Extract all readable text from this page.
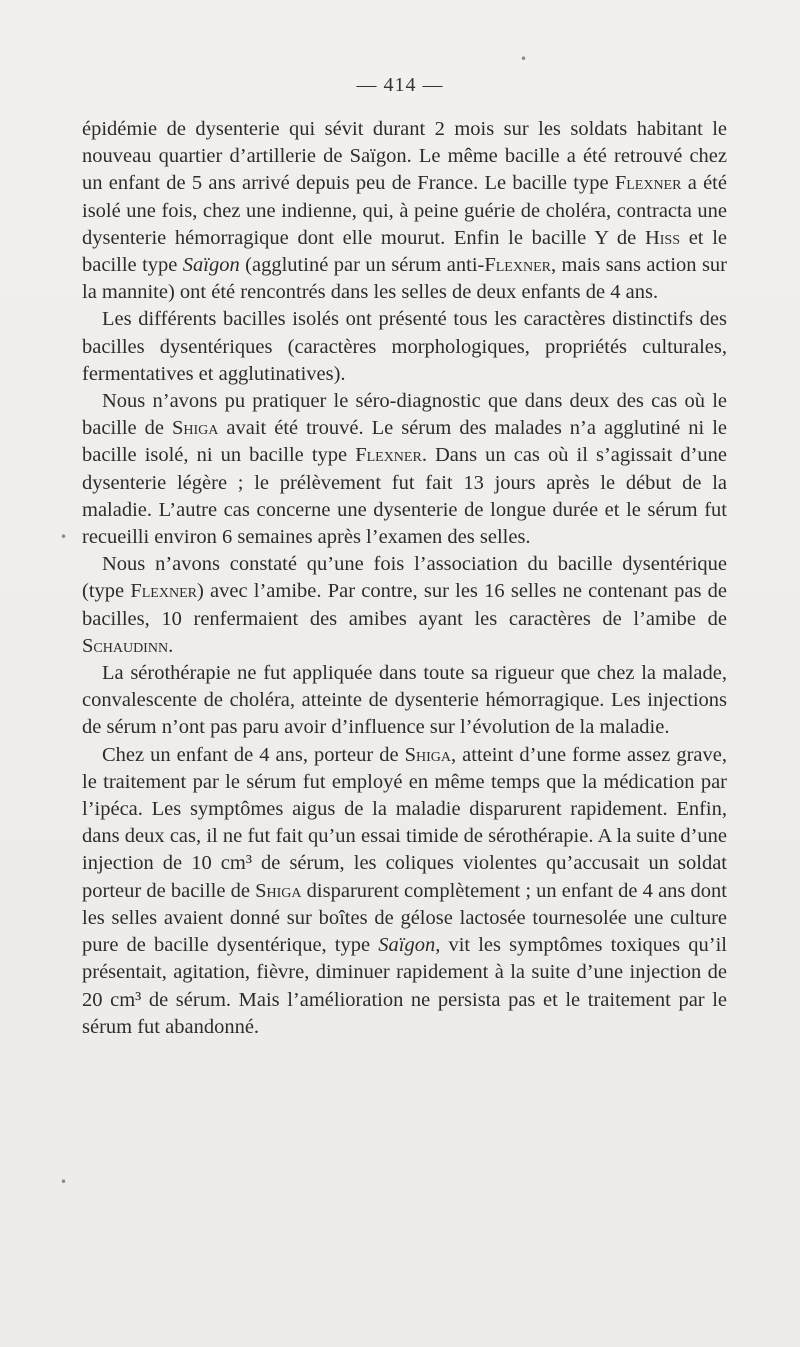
— 414 —

épidémie de dysenterie qui sévit durant 2 mois sur les soldats habitant le nouveau quartier d’artillerie de Saïgon. Le même bacille a été retrouvé chez un enfant de 5 ans arrivé depuis peu de France. Le bacille type Flexner a été isolé une fois, chez une indienne, qui, à peine guérie de choléra, contracta une dysenterie hémorragique dont elle mourut. Enfin le bacille Y de Hiss et le bacille type Saïgon (agglutiné par un sérum anti-Flexner, mais sans action sur la mannite) ont été rencontrés dans les selles de deux enfants de 4 ans.

Les différents bacilles isolés ont présenté tous les caractères distinctifs des bacilles dysentériques (caractères morphologiques, propriétés culturales, fermentatives et agglutinatives).

Nous n’avons pu pratiquer le séro-diagnostic que dans deux des cas où le bacille de Shiga avait été trouvé. Le sérum des malades n’a agglutiné ni le bacille isolé, ni un bacille type Flexner. Dans un cas où il s’agissait d’une dysenterie légère ; le prélèvement fut fait 13 jours après le début de la maladie. L’autre cas concerne une dysenterie de longue durée et le sérum fut recueilli environ 6 semaines après l’examen des selles.

Nous n’avons constaté qu’une fois l’association du bacille dysentérique (type Flexner) avec l’amibe. Par contre, sur les 16 selles ne contenant pas de bacilles, 10 renfermaient des amibes ayant les caractères de l’amibe de Schaudinn.

La sérothérapie ne fut appliquée dans toute sa rigueur que chez la malade, convalescente de choléra, atteinte de dysenterie hémorragique. Les injections de sérum n’ont pas paru avoir d’influence sur l’évolution de la maladie.

Chez un enfant de 4 ans, porteur de Shiga, atteint d’une forme assez grave, le traitement par le sérum fut employé en même temps que la médication par l’ipéca. Les symptômes aigus de la maladie disparurent rapidement. Enfin, dans deux cas, il ne fut fait qu’un essai timide de sérothérapie. A la suite d’une injection de 10 cm³ de sérum, les coliques violentes qu’accusait un soldat porteur de bacille de Shiga disparurent complètement ; un enfant de 4 ans dont les selles avaient donné sur boîtes de gélose lactosée tournesolée une culture pure de bacille dysentérique, type Saïgon, vit les symptômes toxiques qu’il présentait, agitation, fièvre, diminuer rapidement à la suite d’une injection de 20 cm³ de sérum. Mais l’amélioration ne persista pas et le traitement par le sérum fut abandonné.

•
•
•
